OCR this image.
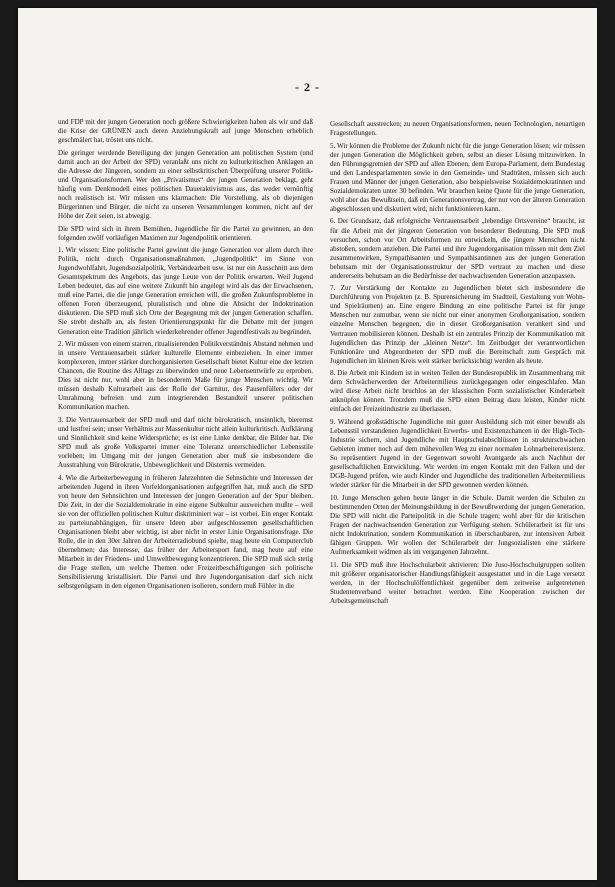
- 2 -

und FDP mit der jungen Generation noch größere Schwierigkeiten haben als wir und daß die Krise der GRÜNEN auch deren Anziehungskraft auf junge Menschen erheblich geschmälert hat, tröstet uns nicht.

Die geringer werdende Beteiligung der jungen Generation am politischen System (und damit auch an der Arbeit der SPD) veranlaßt uns nicht zu kulturkritischen Anklagen an die Adresse der Jüngeren, sondern zu einer selbstkritischen Überprüfung unserer Politik- und Organisationsformen. Wer den „Privatismus“ der jungen Generation beklagt, geht häufig vom Denkmodell eines politischen Daueraktivismus aus, das weder vernünftig noch realistisch ist. Wir müssen uns klarmachen: Die Vorstellung, als ob diejenigen Bürgerinnen und Bürger, die nicht zu unseren Versammlungen kommen, nicht auf der Höhe der Zeit seien, ist abwegig.

Die SPD wird sich in ihrem Bemühen, Jugendliche für die Partei zu gewinnen, an den folgenden zwölf vorläufigen Maximen zur Jugendpolitik orientieren.

1. Wir wissen: Eine politische Partei gewinnt die junge Generation vor allem durch ihre Politik, nicht durch Organisationsmaßnahmen. „Jugendpolitik“ im Sinne von Jugendwohlfahrt, Jugendsozialpolitik, Verbändearbeit usw. ist nur ein Ausschnitt aus dem Gesamtspektrum des Angebots, das junge Leute von der Politik erwarten. Weil Jugend Leben bedeutet, das auf eine weitere Zukunft hin angelegt wird als das der Erwachsenen, muß eine Partei, die die junge Generation erreichen will, die großen Zukunftsprobleme in offenen Foren überzeugend, pluralistisch und ohne die Absicht der Indoktrination diskutieren. Die SPD muß sich Orte der Begegnung mit der jungen Generation schaffen. Sie strebt deshalb an, als festen Orientierungspunkt für die Debatte mit der jungen Generation eine Tradition jährlich wiederkehrender offener Jugendfestivals zu begründen.

2. Wir müssen von einem starren, ritualisierenden Politikverständnis Abstand nehmen und in unsere Vertrauensarbeit stärker kulturelle Elemente einbeziehen. In einer immer komplexeren, immer stärker durchorganisierten Gesellschaft bietet Kultur eine der letzten Chancen, die Routine des Alltags zu überwinden und neue Lebensentwürfe zu erproben. Dies ist nicht nur, wohl aber in besonderem Maße für junge Menschen wichtig. Wir müssen deshalb Kulturarbeit aus der Rolle der Garnitur, des Pausenfüllers oder der Umrahmung befreien und zum integrierenden Bestandteil unserer politischen Kommunikation machen.

3. Die Vertrauensarbeit der SPD muß und darf nicht bürokratisch, unsinnlich, bierernst und lustfrei sein; unser Verhältnis zur Massenkultur nicht allein kulturkritisch. Aufklärung und Sinnlichkeit sind keine Widersprüche; es ist eine Linke denkbar, die Bilder hat. Die SPD muß als große Volkspartei immer eine Toleranz unterschiedlicher Lebensstile vorleben; im Umgang mit der jungen Generation aber muß sie insbesondere die Ausstrahlung von Bürokratie, Unbeweglichkeit und Düsternis vermeiden.

4. Wie die Arbeiterbewegung in früheren Jahrzehnten die Sehnsüchte und Interessen der arbeitenden Jugend in ihren Vorfeldorganisationen aufgegriffen hat, muß auch die SPD von heute den Sehnsüchten und Interessen der jungen Generation auf der Spur bleiben. Die Zeit, in der die Sozialdemokratie in eine eigene Subkultur ausweichen mußte – weil sie von der offiziellen politischen Kultur diskriminiert war – ist vorbei. Ein enger Kontakt zu parteiunabhängigen, für unsere Ideen aber aufgeschlossenen gesellschaftlichen Organisationen bleibt aber wichtig, ist aber nicht in erster Linie Organisationsfrage. Die Rolle, die in den 30er Jahren der Arbeiterradiobund spielte, mag heute ein Computerclub übernehmen; das Interesse, das früher der Arbeitersport fand, mag heute auf eine Mitarbeit in der Friedens- und Umweltbewegung konzentrieren. Die SPD muß sich stetig die Frage stellen, um welche Themen oder Freizeitbeschäftigungen sich politische Sensibilisierung kristallisiert. Die Partei und ihre Jugendorganisation darf sich nicht selbstgenügsam in den eigenen Organisationen isolieren, sondern muß Fühler in die

Gesellschaft ausstrecken; zu neuen Organisationsformen, neuen Technologien, neuartigen Fragestellungen.

5. Wir können die Probleme der Zukunft nicht für die junge Generation lösen; wir müssen der jungen Generation die Möglichkeit geben, selbst an dieser Lösung mitzuwirken. In den Führungsgremien der SPD auf allen Ebenen, dem Europa-Parlament, dem Bundestag und den Landesparlamenten sowie in den Gemeinde- und Stadträten, müssen sich auch Frauen und Männer der jungen Generation, also beispielsweise Sozialdemokratinnen und Sozialdemokraten unter 30 befinden. Wir brauchen keine Quote für die junge Generation, wohl aber das Bewußtsein, daß ein Generationsvertrag, der nur von der älteren Generation abgeschlossen und diskutiert wird, nicht funktionieren kann.

6. Der Grundsatz, daß erfolgreiche Vertrauensarbeit „lebendige Ortsvereine“ braucht, ist für die Arbeit mit der jüngeren Generation von besonderer Bedeutung. Die SPD muß versuchen, schon vor Ort Arbeitsformen zu entwickeln, die jüngere Menschen nicht abstoßen, sondern anziehen. Die Partei und ihre Jugendorganisation müssen mit dem Ziel zusammenwirken, Sympathisanten und Sympathisantinnen aus der jungen Generation behutsam mit der Organisationsstruktur der SPD vertraut zu machen und diese andererseits behutsam an die Bedürfnisse der nachwachsenden Generation anzupassen.

7. Zur Verstärkung der Kontakte zu Jugendlichen bietet sich insbesondere die Durchführung von Projekten (z. B. Spurensicherung im Stadtteil, Gestaltung von Wohn- und Spielräumen) an. Eine engere Bindung an eine politische Partei ist für junge Menschen nur zumutbar, wenn sie nicht nur einer anonymen Großorganisation, sondern einzelne Menschen begegnen, die in dieser Großorganisation verankert sind und Vertrauen mobilisieren können. Deshalb ist ein zentrales Prinzip der Kommunikation mit Jugendlichen das Prinzip der „kleinen Netze“. Im Zeitbudget der verantwortlichen Funktionäre und Abgeordneten der SPD muß die Bereitschaft zum Gespräch mit Jugendlichen im kleinen Kreis weit stärker berücksichtigt werden als heute.

8. Die Arbeit mit Kindern ist in weiten Teilen der Bundesrepublik im Zusammenhang mit dem Schwächerwerden der Arbeitermilieus zurückgegangen oder eingeschlafen. Man wird diese Arbeit nicht bruchlos an der klassischen Form sozialistischer Kinderarbeit anknüpfen können. Trotzdem muß die SPD einen Beitrag dazu leisten, Kinder nicht einfach der Freizeitindustrie zu überlassen.

9. Während großstädtische Jugendliche mit guter Ausbildung sich mit einer bewußt als Lebensstil verstandenen Jugendlichkeit Erwerbs- und Existenzchancen in der High-Tech-Industrie sichern, sind Jugendliche mit Hauptschulabschlüssen in strukturschwachen Gebieten immer noch auf dem mühevollen Weg zu einer normalen Lohnarbeiterexistenz. So repräsentiert Jugend in der Gegenwart sowohl Avantgarde als auch Nachhut der gesellschaftlichen Entwicklung. Wir werden im engen Kontakt mit den Falken und der DGB-Jugend prüfen, wie auch Kinder und Jugendliche des traditionellen Arbeitermilieus wieder stärker für die Mitarbeit in der SPD gewonnen werden können.

10. Junge Menschen gehen heute länger in die Schule. Damit werden die Schulen zu bestimmenden Orten der Meinungsbildung in der Bewußtwerdung der jungen Generation. Die SPD will nicht die Parteipolitik in die Schule tragen; wohl aber für die kritischen Fragen der nachwachsenden Generation zur Verfügung stehen. Schülerarbeit ist für uns nicht Indoktrination, sondern Kommunikation in überschaubaren, zur intensiven Arbeit fähigen Gruppen. Wir wollen der Schülerarbeit der Jungsozialisten eine stärkere Aufmerksamkeit widmen als im vergangenen Jahrzehnt.

11. Die SPD muß ihre Hochschularbeit aktivieren: Die Juso-Hochschulgruppen sollten mit größerer organisatorischer Handlungsfähigkeit ausgestattet und in die Lage versetzt werden, in der Hochschulöffentlichkeit gegenüber dem zeitweise aufgetretenen Studentenverband weiter betrachtet werden. Eine Kooperation zwischen der Arbeitsgemeinschaft
